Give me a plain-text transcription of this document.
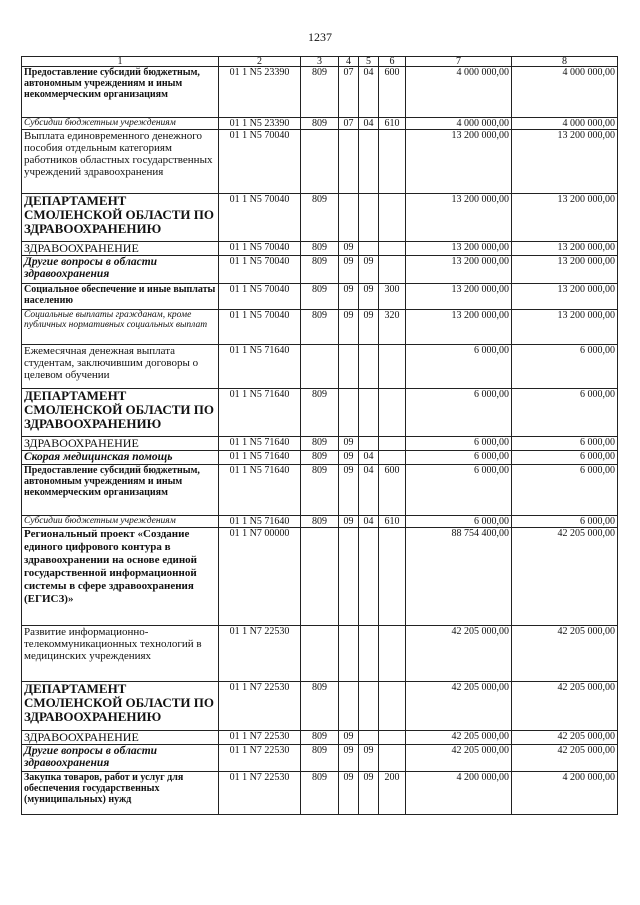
1237
1	2	3	4	5	6	7	8
Предоставление субсидий бюджетным, автономным учреждениям и иным некоммерческим организациям	01 1 N5 23390	809	07	04	600	4 000 000,00	4 000 000,00
Субсидии бюджетным учреждениям	01 1 N5 23390	809	07	04	610	4 000 000,00	4 000 000,00
Выплата единовременного денежного пособия отдельным категориям работников областных государственных учреждений здравоохранения	01 1 N5 70040					13 200 000,00	13 200 000,00
ДЕПАРТАМЕНТ СМОЛЕНСКОЙ ОБЛАСТИ ПО ЗДРАВООХРАНЕНИЮ	01 1 N5 70040	809				13 200 000,00	13 200 000,00
ЗДРАВООХРАНЕНИЕ	01 1 N5 70040	809	09			13 200 000,00	13 200 000,00
Другие вопросы в области здравоохранения	01 1 N5 70040	809	09	09		13 200 000,00	13 200 000,00
Социальное обеспечение и иные выплаты населению	01 1 N5 70040	809	09	09	300	13 200 000,00	13 200 000,00
Социальные выплаты гражданам, кроме публичных нормативных социальных выплат	01 1 N5 70040	809	09	09	320	13 200 000,00	13 200 000,00
Ежемесячная денежная выплата студентам, заключившим договоры о целевом обучении	01 1 N5 71640					6 000,00	6 000,00
ДЕПАРТАМЕНТ СМОЛЕНСКОЙ ОБЛАСТИ ПО ЗДРАВООХРАНЕНИЮ	01 1 N5 71640	809				6 000,00	6 000,00
ЗДРАВООХРАНЕНИЕ	01 1 N5 71640	809	09			6 000,00	6 000,00
Скорая медицинская помощь	01 1 N5 71640	809	09	04		6 000,00	6 000,00
Предоставление субсидий бюджетным, автономным учреждениям и иным некоммерческим организациям	01 1 N5 71640	809	09	04	600	6 000,00	6 000,00
Субсидии бюджетным учреждениям	01 1 N5 71640	809	09	04	610	6 000,00	6 000,00
Региональный проект «Создание единого цифрового контура в здравоохранении на основе единой государственной информационной системы в сфере здравоохранения (ЕГИСЗ)»	01 1 N7 00000					88 754 400,00	42 205 000,00
Развитие информационно-телекоммуникационных технологий в медицинских учреждениях	01 1 N7 22530					42 205 000,00	42 205 000,00
ДЕПАРТАМЕНТ СМОЛЕНСКОЙ ОБЛАСТИ ПО ЗДРАВООХРАНЕНИЮ	01 1 N7 22530	809				42 205 000,00	42 205 000,00
ЗДРАВООХРАНЕНИЕ	01 1 N7 22530	809	09			42 205 000,00	42 205 000,00
Другие вопросы в области здравоохранения	01 1 N7 22530	809	09	09		42 205 000,00	42 205 000,00
Закупка товаров, работ и услуг для обеспечения государственных (муниципальных) нужд	01 1 N7 22530	809	09	09	200	4 200 000,00	4 200 000,00
